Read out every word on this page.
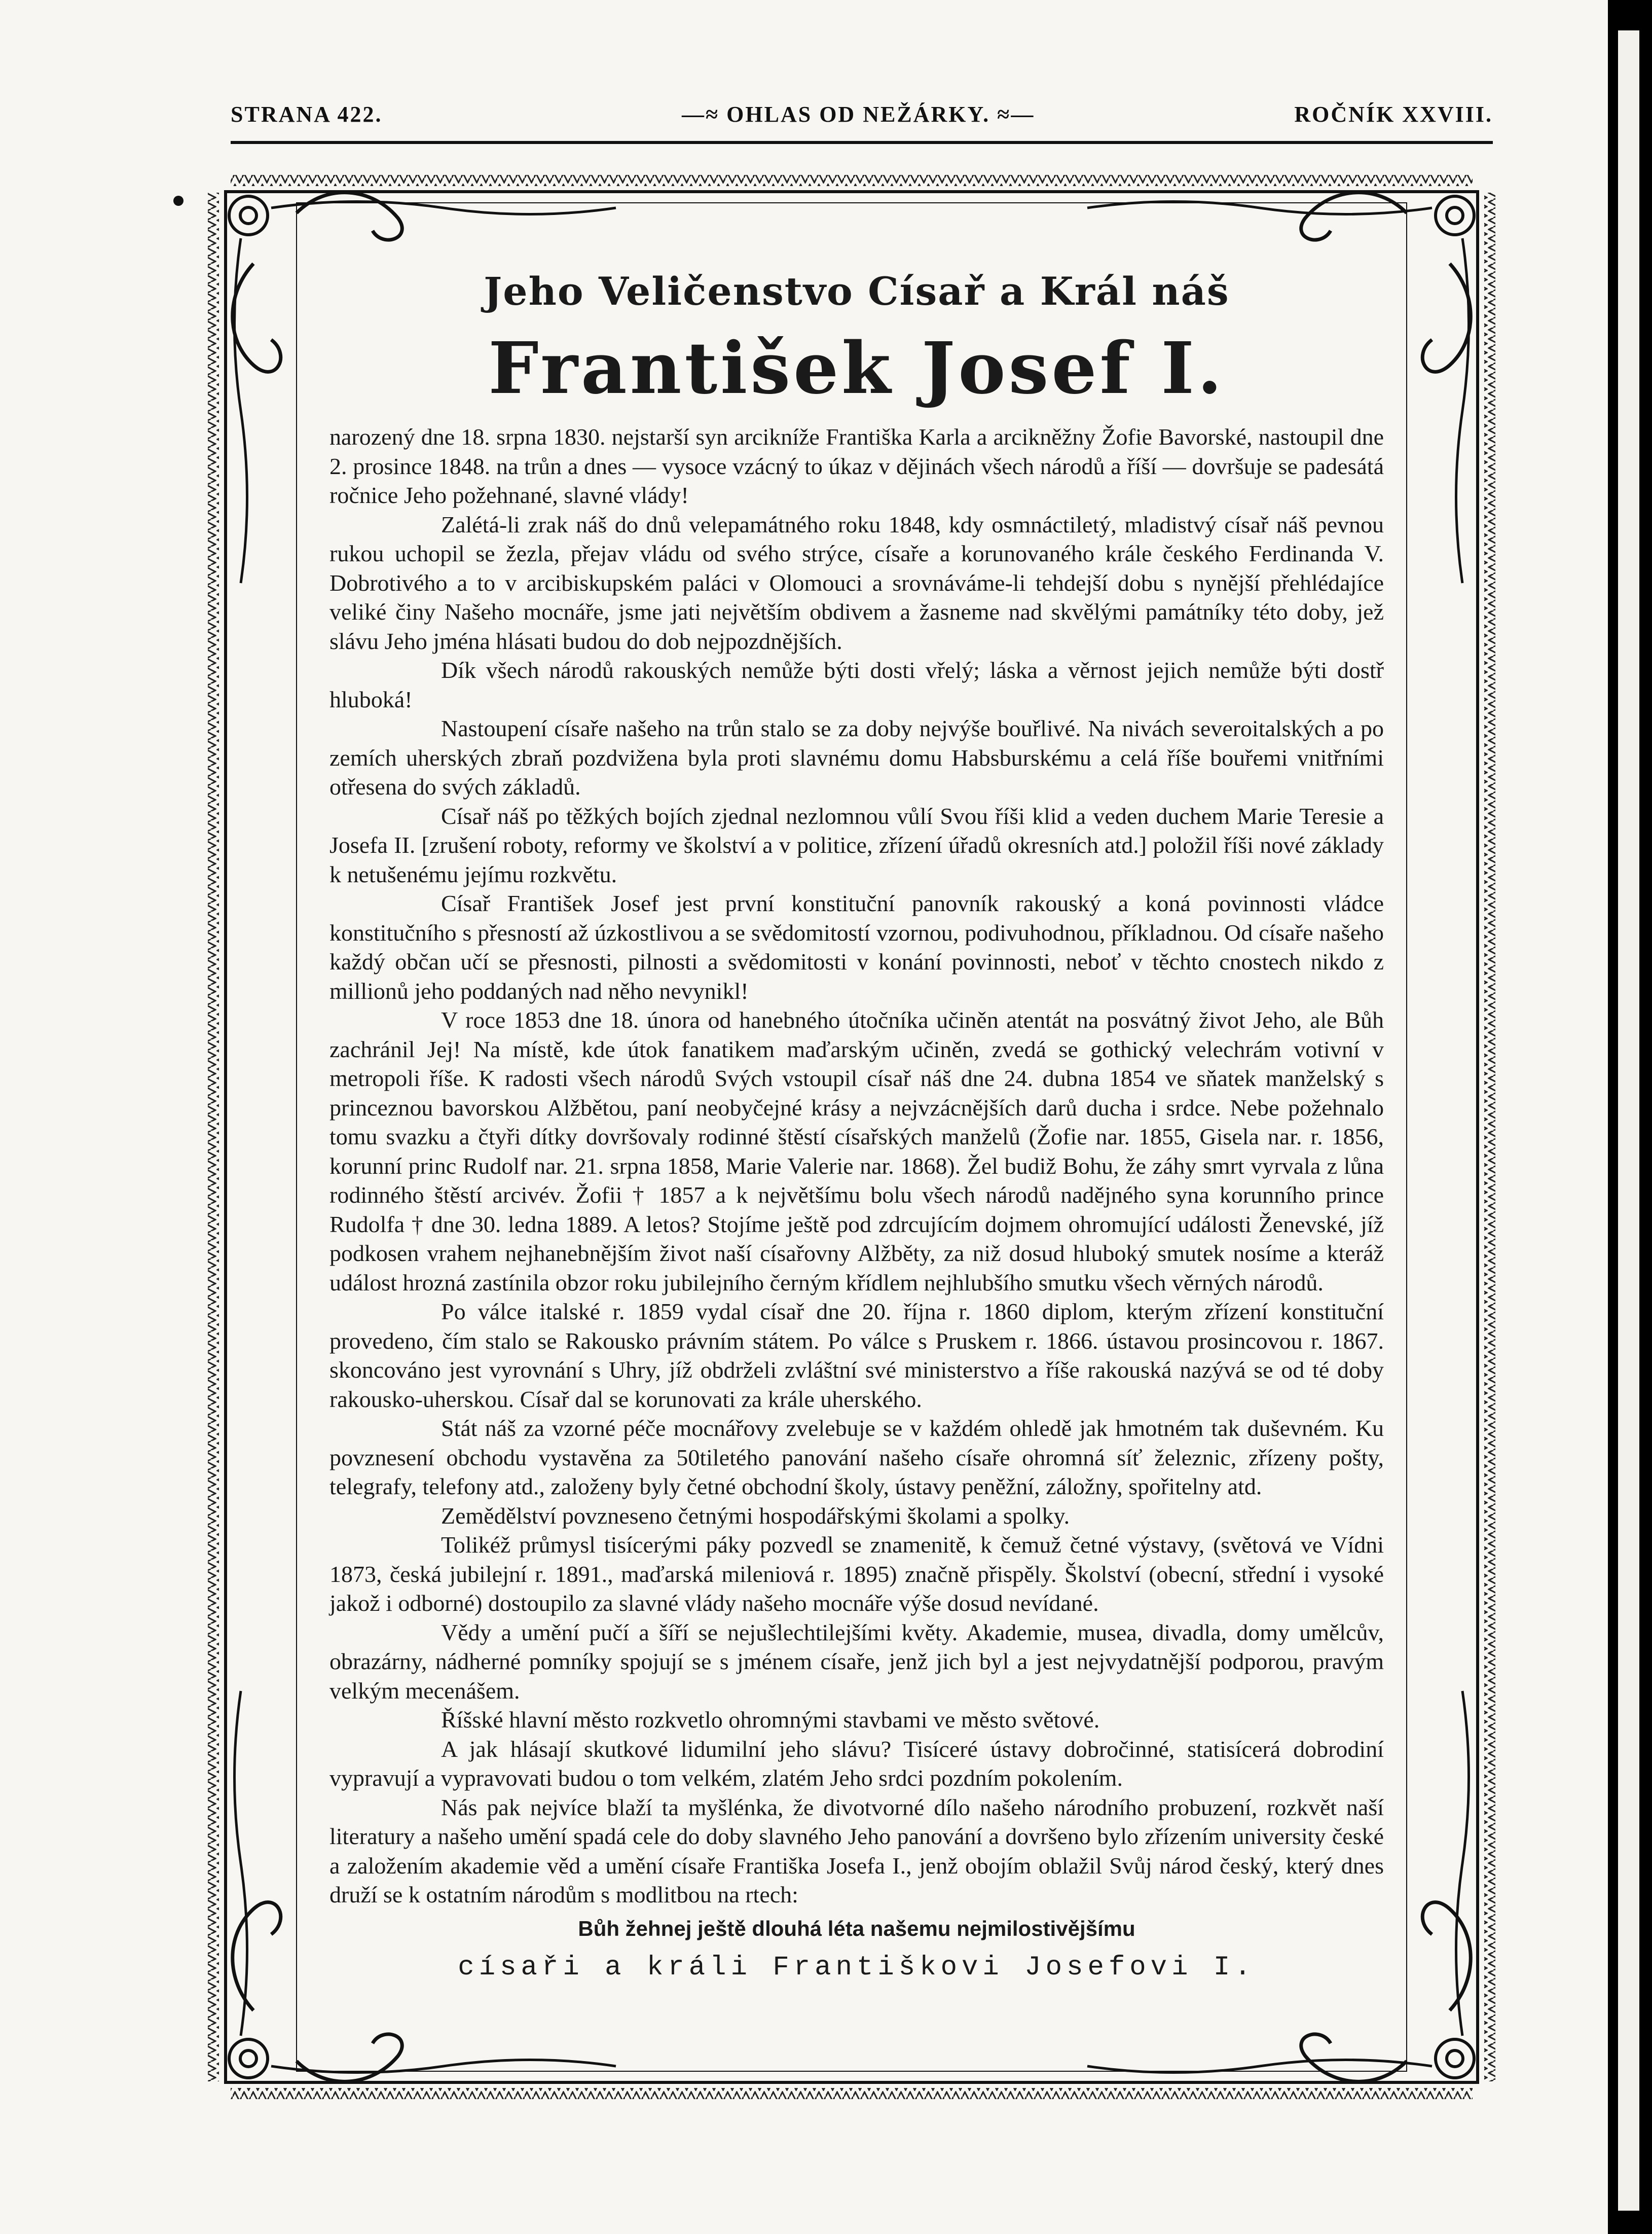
STRANA 422.	—≈ OHLAS OD NEŽÁRKY. ≈—	ROČNÍK XXVIII.
Jeho Veličenstvo Císař a Král náš
František Josef I.

narozený dne 18. srpna 1830. nejstarší syn arcikníže Františka Karla a arcikněžny Žofie Bavorské, nastoupil dne 2. prosince 1848. na trůn a dnes — vysoce vzácný to úkaz v dějinách všech národů a říší — dovršuje se padesátá ročnice Jeho požehnané, slavné vlády!

Zalétá-li zrak náš do dnů velepamátného roku 1848, kdy osmnáctiletý, mladistvý císař náš pevnou rukou uchopil se žezla, přejav vládu od svého strýce, císaře a korunovaného krále českého Ferdinanda V. Dobrotivého a to v arcibiskupském paláci v Olomouci a srovnáváme-li tehdejší dobu s nynější přehlédajíce veliké činy Našeho mocnáře, jsme jati největším obdivem a žasneme nad skvělými památníky této doby, jež slávu Jeho jména hlásati budou do dob nejpozdnějších.

Dík všech národů rakouských nemůže býti dosti vřelý; láska a věrnost jejich nemůže býti dostř hluboká!

Nastoupení císaře našeho na trůn stalo se za doby nejvýše bouřlivé. Na nivách severoitalských a po zemích uherských zbraň pozdvižena byla proti slavnému domu Habsburskému a celá říše bouřemi vnitřními otřesena do svých základů.

Císař náš po těžkých bojích zjednal nezlomnou vůlí Svou říši klid a veden duchem Marie Teresie a Josefa II. [zrušení roboty, reformy ve školství a v politice, zřízení úřadů okresních atd.] položil říši nové základy k netušenému jejímu rozkvětu.

Císař František Josef jest první konstituční panovník rakouský a koná povinnosti vládce konstitučního s přesností až úzkostlivou a se svědomitostí vzornou, podivuhodnou, příkladnou. Od císaře našeho každý občan učí se přesnosti, pilnosti a svědomitosti v konání povinnosti, neboť v těchto cnostech nikdo z millionů jeho poddaných nad něho nevynikl!

V roce 1853 dne 18. února od hanebného útočníka učiněn atentát na posvátný život Jeho, ale Bůh zachránil Jej! Na místě, kde útok fanatikem maďarským učiněn, zvedá se gothický velechrám votivní v metropoli říše. K radosti všech národů Svých vstoupil císař náš dne 24. dubna 1854 ve sňatek manželský s princeznou bavorskou Alžbětou, paní neobyčejné krásy a nejvzácnějších darů ducha i srdce. Nebe požehnalo tomu svazku a čtyři dítky dovršovaly rodinné štěstí císařských manželů (Žofie nar. 1855, Gisela nar. r. 1856, korunní princ Rudolf nar. 21. srpna 1858, Marie Valerie nar. 1868). Žel budiž Bohu, že záhy smrt vyrvala z lůna rodinného štěstí arcivév. Žofii † 1857 a k největšímu bolu všech národů nadějného syna korunního prince Rudolfa † dne 30. ledna 1889. A letos? Stojíme ještě pod zdrcujícím dojmem ohromující události Ženevské, jíž podkosen vrahem nejhanebnějším život naší císařovny Alžběty, za niž dosud hluboký smutek nosíme a kteráž událost hrozná zastínila obzor roku jubilejního černým křídlem nejhlubšího smutku všech věrných národů.

Po válce italské r. 1859 vydal císař dne 20. října r. 1860 diplom, kterým zřízení konstituční provedeno, čím stalo se Rakousko právním státem. Po válce s Pruskem r. 1866. ústavou prosincovou r. 1867. skoncováno jest vyrovnání s Uhry, jíž obdrželi zvláštní své ministerstvo a říše rakouská nazývá se od té doby rakousko-uherskou. Císař dal se korunovati za krále uherského.

Stát náš za vzorné péče mocnářovy zvelebuje se v každém ohledě jak hmotném tak duševném. Ku povznesení obchodu vystavěna za 50tiletého panování našeho císaře ohromná síť železnic, zřízeny pošty, telegrafy, telefony atd., založeny byly četné obchodní školy, ústavy peněžní, záložny, spořitelny atd.

Zemědělství povzneseno četnými hospodářskými školami a spolky.

Tolikéž průmysl tisícerými páky pozvedl se znamenitě, k čemuž četné výstavy, (světová ve Vídni 1873, česká jubilejní r. 1891., maďarská mileniová r. 1895) značně přispěly. Školství (obecní, střední i vysoké jakož i odborné) dostoupilo za slavné vlády našeho mocnáře výše dosud nevídané.

Vědy a umění pučí a šíří se nejušlechtilejšími květy. Akademie, musea, divadla, domy umělcův, obrazárny, nádherné pomníky spojují se s jménem císaře, jenž jich byl a jest nejvydatnější podporou, pravým velkým mecenášem.

Říšské hlavní město rozkvetlo ohromnými stavbami ve město světové.

A jak hlásají skutkové lidumilní jeho slávu? Tisíceré ústavy dobročinné, statisícerá dobrodiní vypravují a vypravovati budou o tom velkém, zlatém Jeho srdci pozdním pokolením.

Nás pak nejvíce blaží ta myšlénka, že divotvorné dílo našeho národního probuzení, rozkvět naší literatury a našeho umění spadá cele do doby slavného Jeho panování a dovršeno bylo zřízením university české a založením akademie věd a umění císaře Františka Josefa I., jenž obojím oblažil Svůj národ český, který dnes druží se k ostatním národům s modlitbou na rtech:

Bůh žehnej ještě dlouhá léta našemu nejmilostivějšímu

císaři a králi Františkovi Josefovi I.
